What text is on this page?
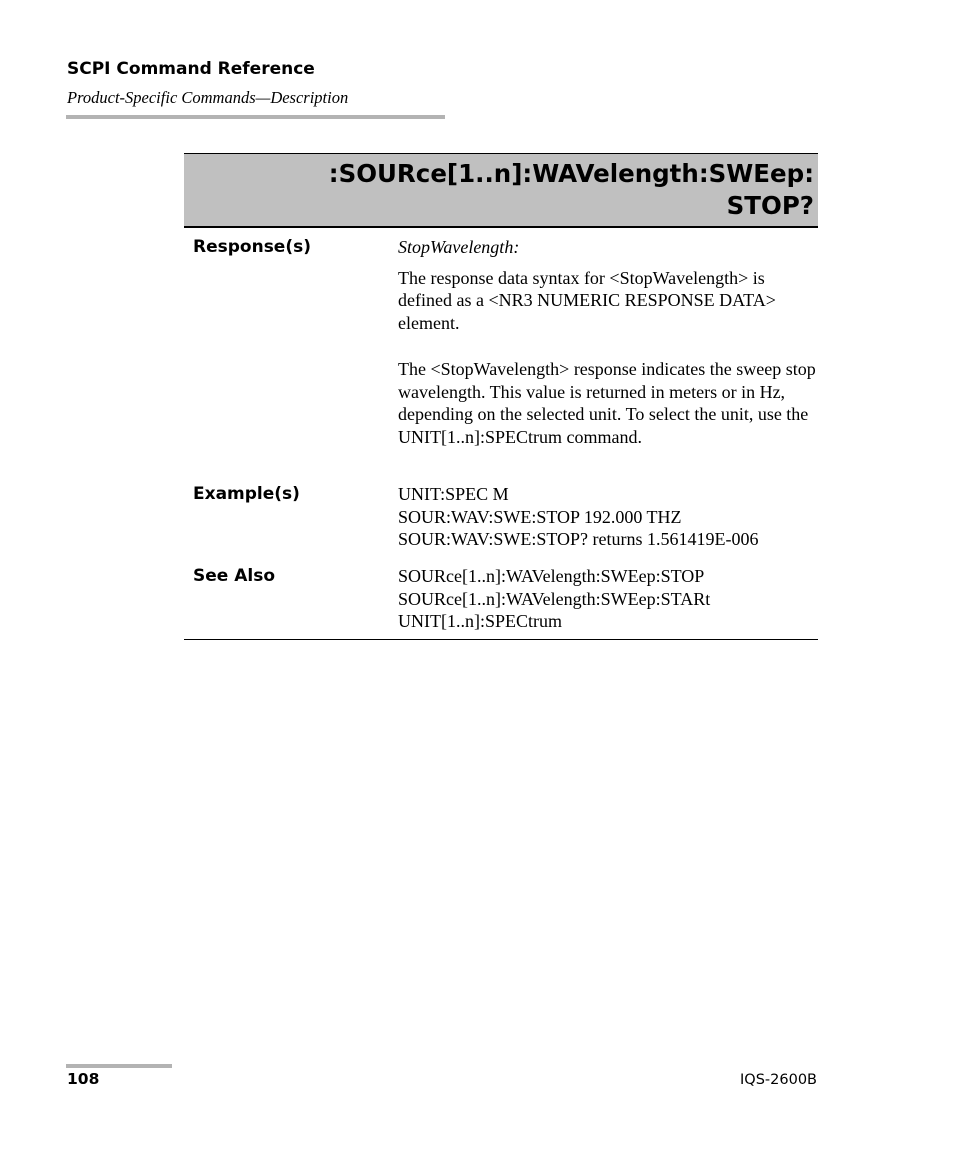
SCPI Command Reference
Product-Specific Commands—Description
:SOURce[1..n]:WAVelength:SWEep:
STOP?
Response(s)	StopWavelength:

The response data syntax for <StopWavelength> is defined as a <NR3 NUMERIC RESPONSE DATA> element.

The <StopWavelength> response indicates the sweep stop wavelength. This value is returned in meters or in Hz, depending on the selected unit. To select the unit, use the UNIT[1..n]:SPECtrum command.

Example(s)	UNIT:SPEC M

SOUR:WAV:SWE:STOP 192.000 THZ

SOUR:WAV:SWE:STOP? returns 1.561419E-006

See Also	SOURce[1..n]:WAVelength:SWEep:STOP

SOURce[1..n]:WAVelength:SWEep:STARt

UNIT[1..n]:SPECtrum

108	IQS-2600B
